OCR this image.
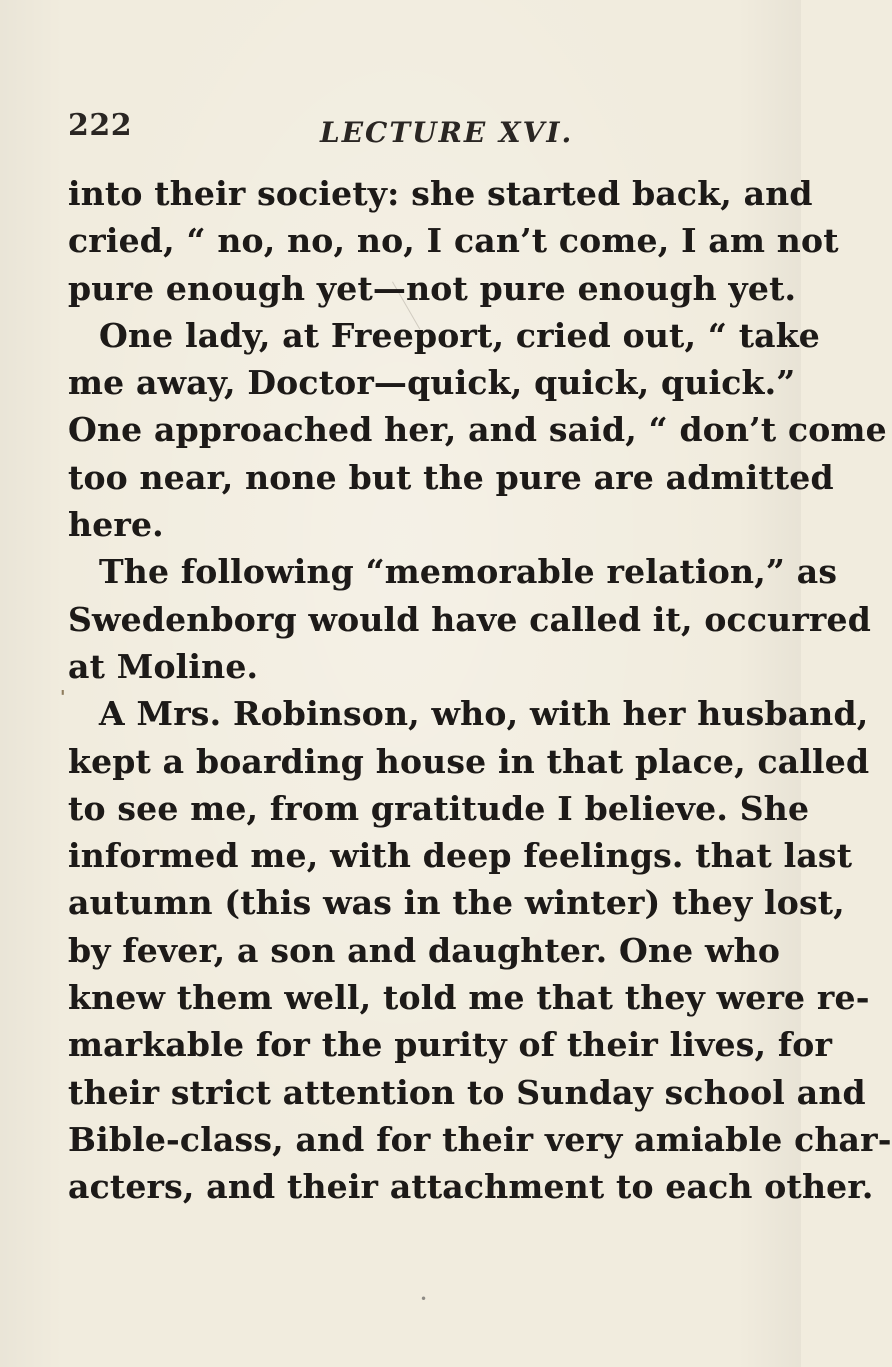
222	LECTURE XVI.
into their society: she started back, and
cried, “ no, no, no, I can’t come, I am not
pure enough yet—not pure enough yet.
One lady, at Freeport, cried out, “ take
me away, Doctor—quick, quick, quick.”
One approached her, and said, “ don’t come
too near, none but the pure are admitted
here.
The following “memorable relation,” as
Swedenborg would have called it, occurred
at Moline.
A Mrs. Robinson, who, with her husband,
kept a boarding house in that place, called
to see me, from gratitude I believe. She
informed me, with deep feelings. that last
autumn (this was in the winter) they lost,
by fever, a son and daughter. One who
knew them well, told me that they were re-
markable for the purity of their lives, for
their strict attention to Sunday school and
Bible-class, and for their very amiable char-
acters, and their attachment to each other.
'
•
